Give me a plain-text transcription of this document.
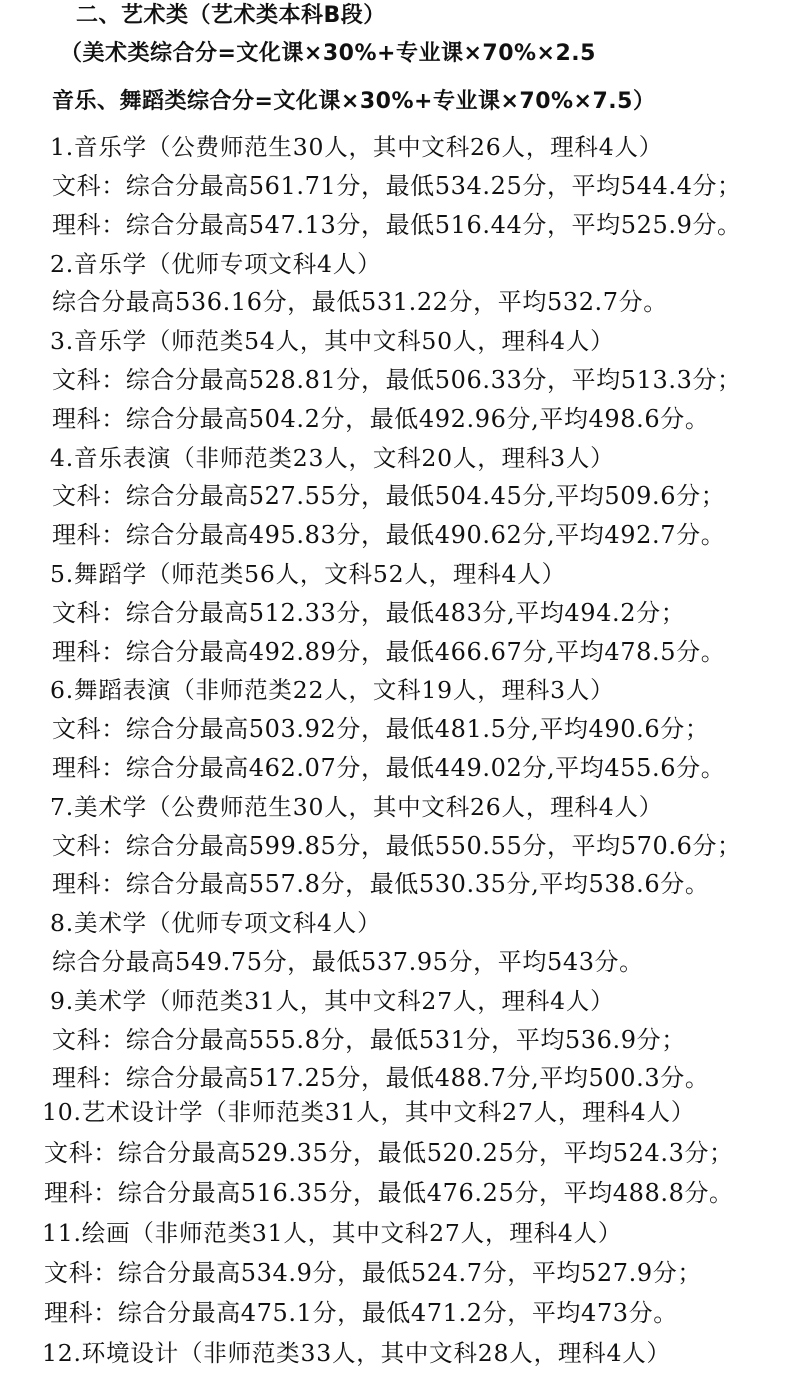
二、艺术类（艺术类本科B段）
（美术类综合分=文化课×30%+专业课×70%×2.5
音乐、舞蹈类综合分=文化课×30%+专业课×70%×7.5）
1.音乐学（公费师范生30人，其中文科26人，理科4人）
文科：综合分最高561.71分，最低534.25分，平均544.4分；
理科：综合分最高547.13分，最低516.44分，平均525.9分。
2.音乐学（优师专项文科4人）
综合分最高536.16分，最低531.22分，平均532.7分。
3.音乐学（师范类54人，其中文科50人，理科4人）
文科：综合分最高528.81分，最低506.33分，平均513.3分；
理科：综合分最高504.2分，最低492.96分,平均498.6分。
4.音乐表演（非师范类23人，文科20人，理科3人）
文科：综合分最高527.55分，最低504.45分,平均509.6分；
理科：综合分最高495.83分，最低490.62分,平均492.7分。
5.舞蹈学（师范类56人，文科52人，理科4人）
文科：综合分最高512.33分，最低483分,平均494.2分；
理科：综合分最高492.89分，最低466.67分,平均478.5分。
6.舞蹈表演（非师范类22人，文科19人，理科3人）
文科：综合分最高503.92分，最低481.5分,平均490.6分；
理科：综合分最高462.07分，最低449.02分,平均455.6分。
7.美术学（公费师范生30人，其中文科26人，理科4人）
文科：综合分最高599.85分，最低550.55分，平均570.6分；
理科：综合分最高557.8分，最低530.35分,平均538.6分。
8.美术学（优师专项文科4人）
综合分最高549.75分，最低537.95分，平均543分。
9.美术学（师范类31人，其中文科27人，理科4人）
文科：综合分最高555.8分，最低531分，平均536.9分；
理科：综合分最高517.25分，最低488.7分,平均500.3分。
10.艺术设计学（非师范类31人，其中文科27人，理科4人）
文科：综合分最高529.35分，最低520.25分，平均524.3分；
理科：综合分最高516.35分，最低476.25分，平均488.8分。
11.绘画（非师范类31人，其中文科27人，理科4人）
文科：综合分最高534.9分，最低524.7分，平均527.9分；
理科：综合分最高475.1分，最低471.2分，平均473分。
12.环境设计（非师范类33人，其中文科28人，理科4人）
